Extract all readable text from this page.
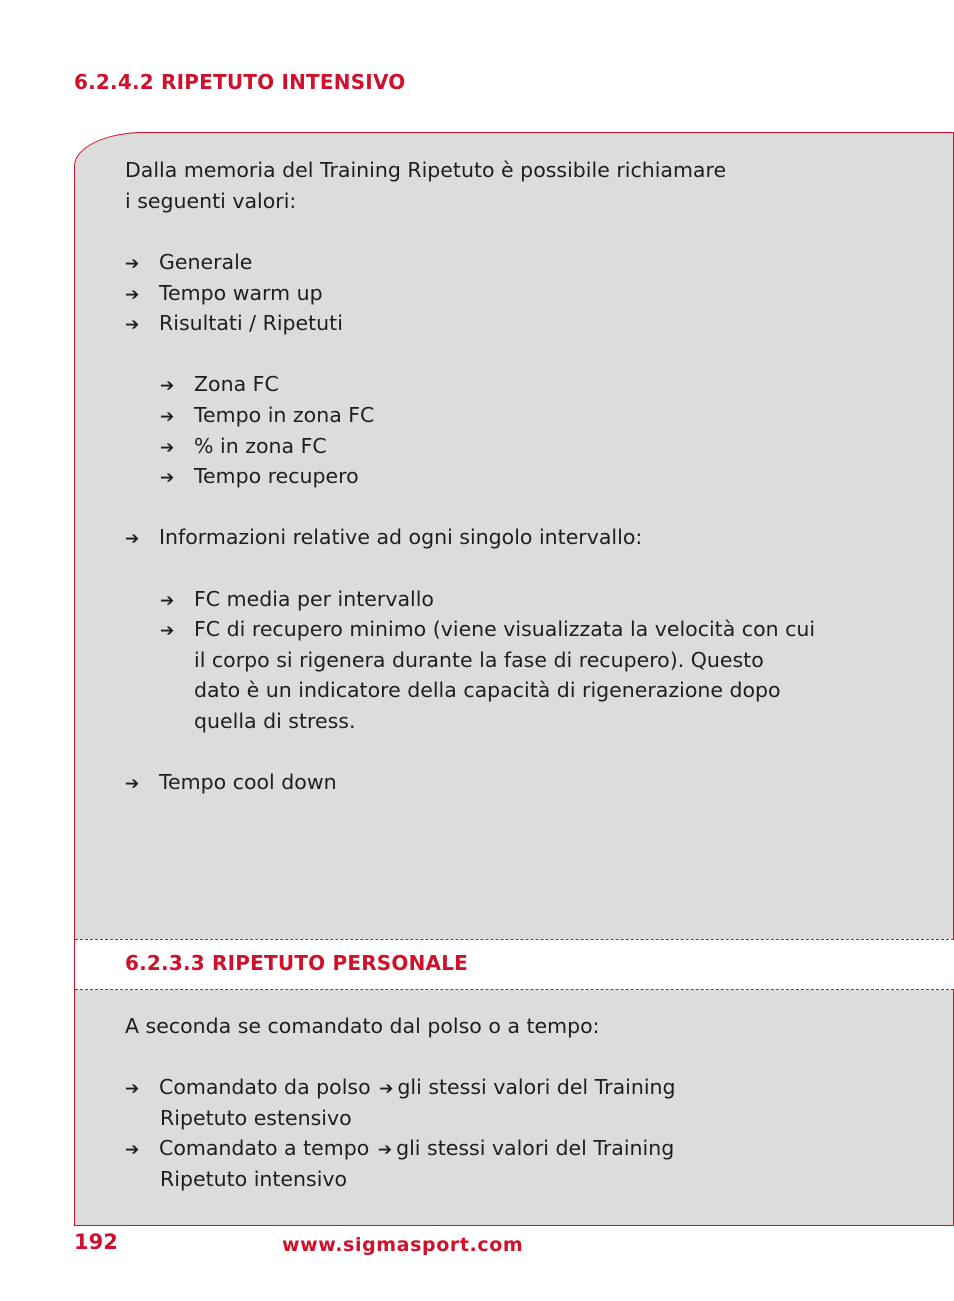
6.2.4.2 RIPETUTO INTENSIVO
Dalla memoria del Training Ripetuto è possibile richiamare
i seguenti valori:
➔ Generale
➔ Tempo warm up
➔ Risultati / Ripetuti
➔ Zona FC
➔ Tempo in zona FC
➔ % in zona FC
➔ Tempo recupero
➔ Informazioni relative ad ogni singolo intervallo:
➔ FC media per intervallo
➔ FC di recupero minimo (viene visualizzata la velocità con cui
il corpo si rigenera durante la fase di recupero). Questo
dato è un indicatore della capacità di rigenerazione dopo
quella di stress.
➔ Tempo cool down
6.2.3.3 RIPETUTO PERSONALE
A seconda se comandato dal polso o a tempo:
➔ Comandato da polso ➔ gli stessi valori del Training
Ripetuto estensivo
➔ Comandato a tempo ➔ gli stessi valori del Training
Ripetuto intensivo
192	www.sigmasport.com
